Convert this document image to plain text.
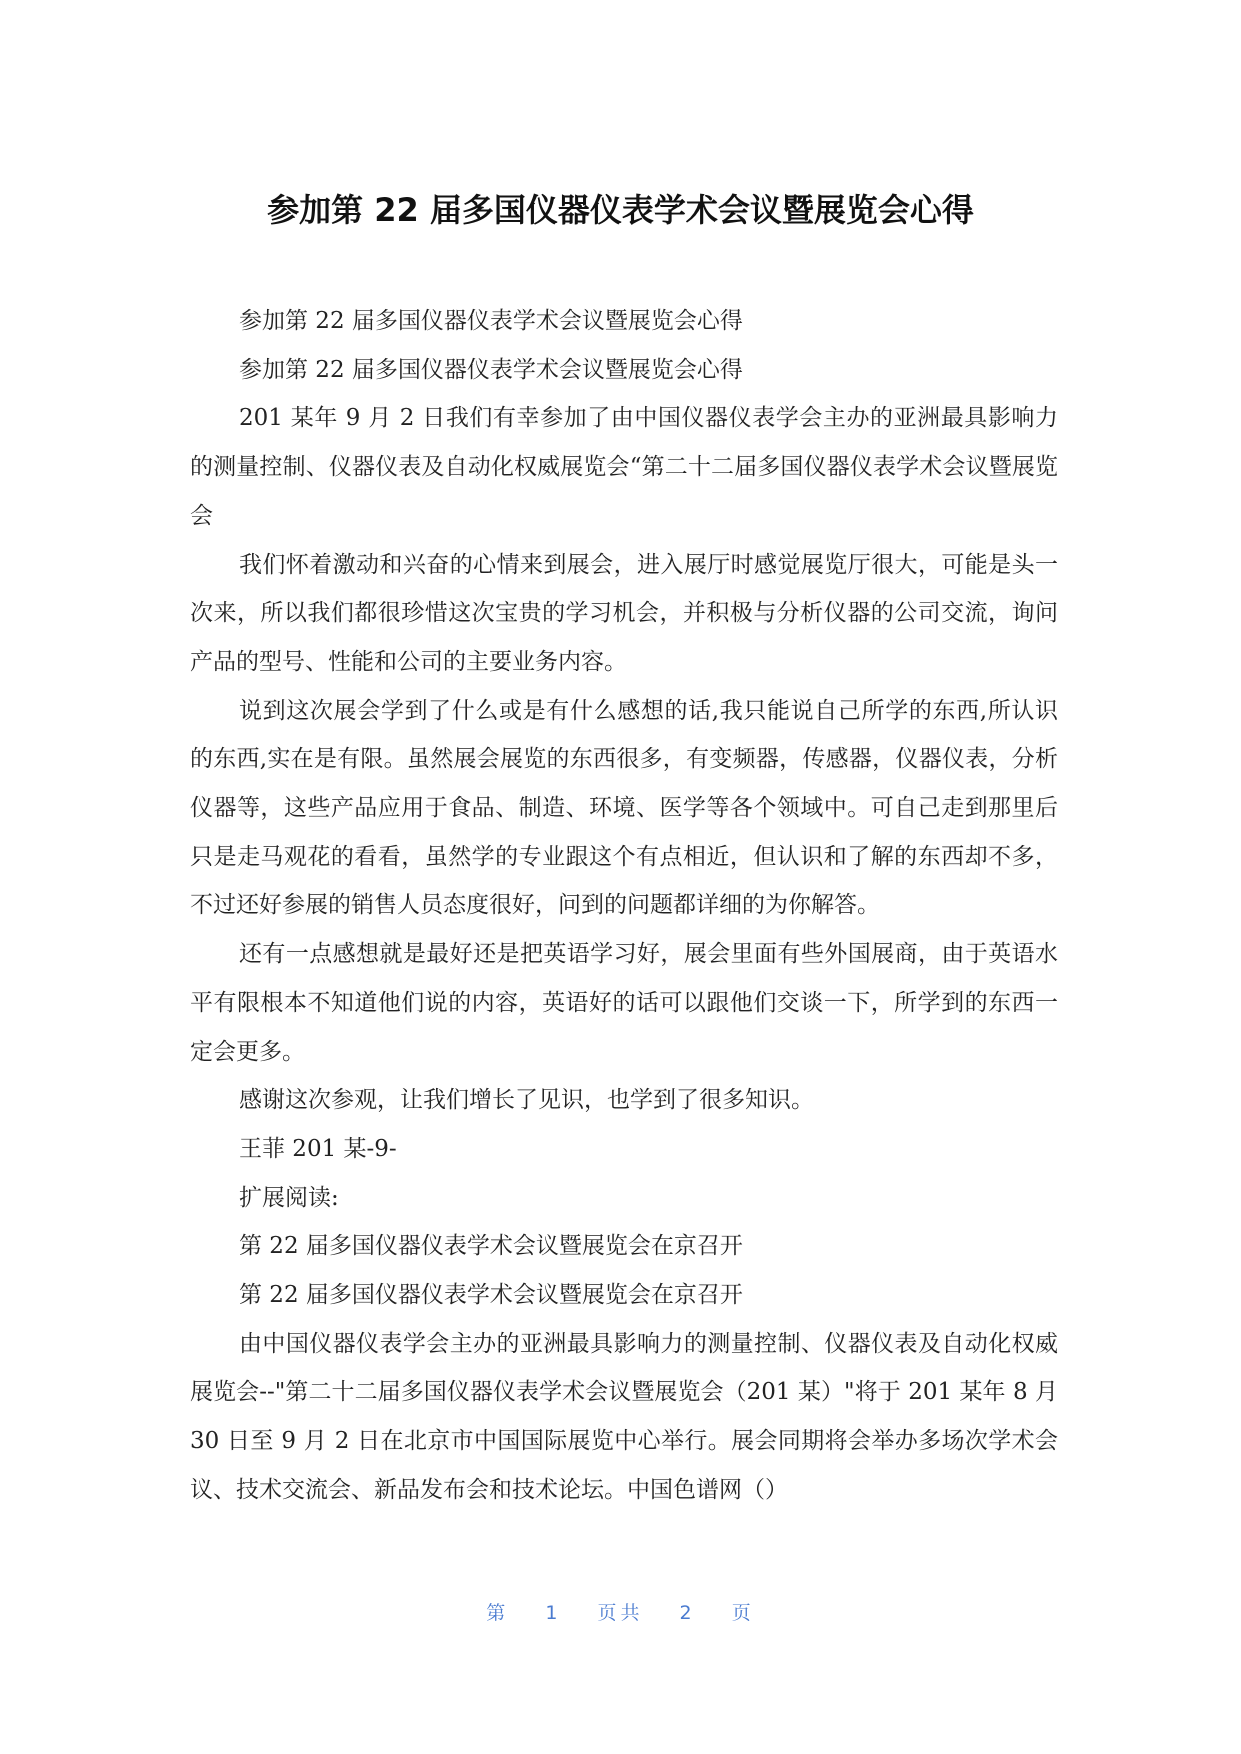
参加第 22 届多国仪器仪表学术会议暨展览会心得

参加第 22 届多国仪器仪表学术会议暨展览会心得

参加第 22 届多国仪器仪表学术会议暨展览会心得

201 某年 9 月 2 日我们有幸参加了由中国仪器仪表学会主办的亚洲最具影响力的测量控制、仪器仪表及自动化权威展览会“第二十二届多国仪器仪表学术会议暨展览会

我们怀着激动和兴奋的心情来到展会，进入展厅时感觉展览厅很大，可能是头一次来，所以我们都很珍惜这次宝贵的学习机会，并积极与分析仪器的公司交流，询问产品的型号、性能和公司的主要业务内容。

说到这次展会学到了什么或是有什么感想的话,我只能说自己所学的东西,所认识的东西,实在是有限。虽然展会展览的东西很多，有变频器，传感器，仪器仪表，分析仪器等，这些产品应用于食品、制造、环境、医学等各个领域中。可自己走到那里后只是走马观花的看看，虽然学的专业跟这个有点相近，但认识和了解的东西却不多，不过还好参展的销售人员态度很好，问到的问题都详细的为你解答。

还有一点感想就是最好还是把英语学习好，展会里面有些外国展商，由于英语水平有限根本不知道他们说的内容，英语好的话可以跟他们交谈一下，所学到的东西一定会更多。

感谢这次参观，让我们增长了见识，也学到了很多知识。

王菲 201 某-9-

扩展阅读:

第 22 届多国仪器仪表学术会议暨展览会在京召开

第 22 届多国仪器仪表学术会议暨展览会在京召开

由中国仪器仪表学会主办的亚洲最具影响力的测量控制、仪器仪表及自动化权威展览会--"第二十二届多国仪器仪表学术会议暨展览会（201 某）"将于 201 某年 8 月 30 日至 9 月 2 日在北京市中国国际展览中心举行。展会同期将会举办多场次学术会议、技术交流会、新品发布会和技术论坛。中国色谱网（）

第 1 页共 2 页
